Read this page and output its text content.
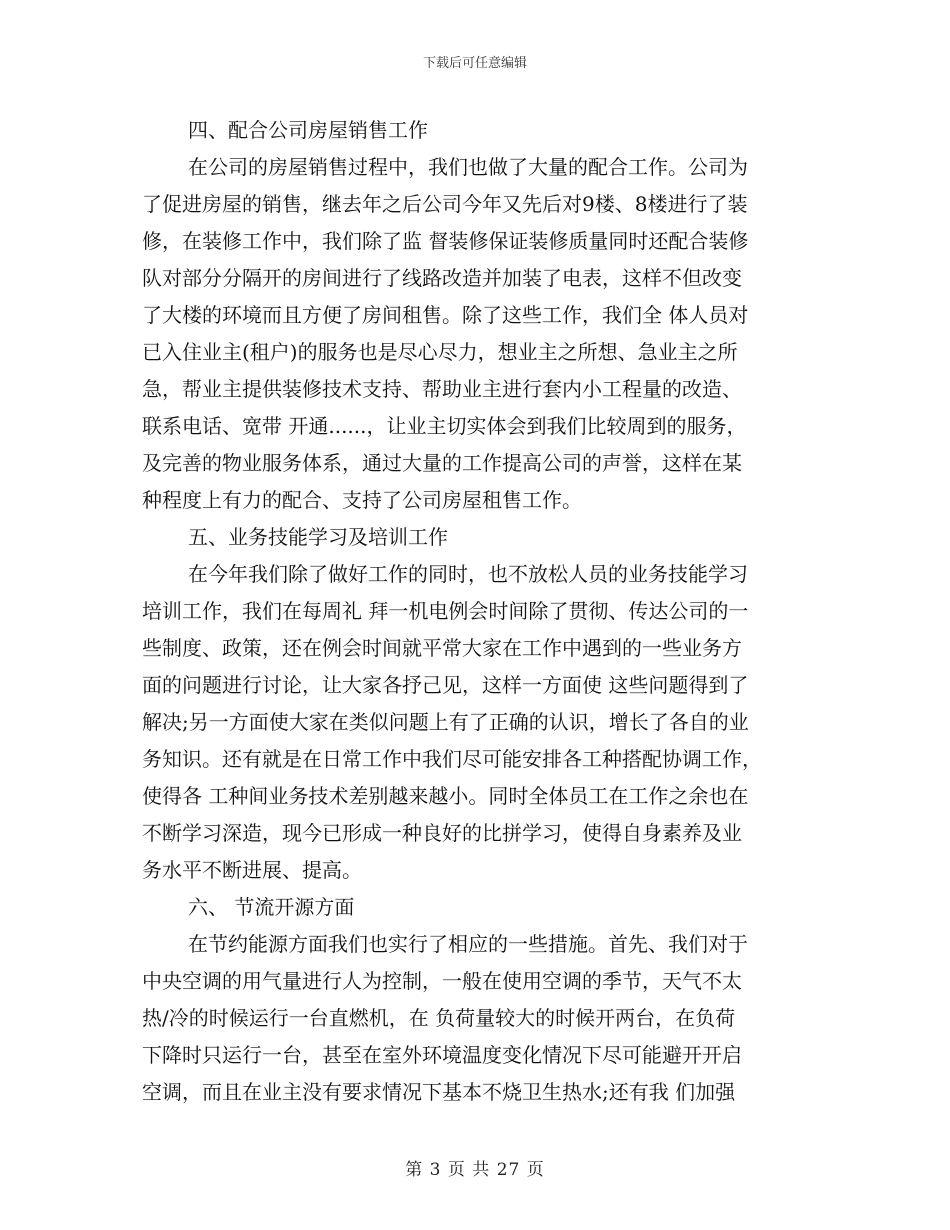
下载后可任意编辑
四、配合公司房屋销售工作
在公司的房屋销售过程中，我们也做了大量的配合工作。公司为
了促进房屋的销售，继去年之后公司今年又先后对9楼、8楼进行了装
修，在装修工作中，我们除了监 督装修保证装修质量同时还配合装修
队对部分分隔开的房间进行了线路改造并加装了电表，这样不但改变
了大楼的环境而且方便了房间租售。除了这些工作，我们全 体人员对
已入住业主(租户)的服务也是尽心尽力，想业主之所想、急业主之所
急，帮业主提供装修技术支持、帮助业主进行套内小工程量的改造、
联系电话、宽带 开通......，让业主切实体会到我们比较周到的服务，
及完善的物业服务体系，通过大量的工作提高公司的声誉，这样在某
种程度上有力的配合、支持了公司房屋租售工作。
五、业务技能学习及培训工作
在今年我们除了做好工作的同时，也不放松人员的业务技能学习
培训工作，我们在每周礼 拜一机电例会时间除了贯彻、传达公司的一
些制度、政策，还在例会时间就平常大家在工作中遇到的一些业务方
面的问题进行讨论，让大家各抒己见，这样一方面使 这些问题得到了
解决;另一方面使大家在类似问题上有了正确的认识，增长了各自的业
务知识。还有就是在日常工作中我们尽可能安排各工种搭配协调工作，
使得各 工种间业务技术差别越来越小。同时全体员工在工作之余也在
不断学习深造，现今已形成一种良好的比拼学习，使得自身素养及业
务水平不断进展、提高。
六、 节流开源方面
在节约能源方面我们也实行了相应的一些措施。首先、我们对于
中央空调的用气量进行人为控制，一般在使用空调的季节，天气不太
热/冷的时候运行一台直燃机，在 负荷量较大的时候开两台，在负荷
下降时只运行一台，甚至在室外环境温度变化情况下尽可能避开开启
空调，而且在业主没有要求情况下基本不烧卫生热水;还有我 们加强
第 3 页 共 27 页
